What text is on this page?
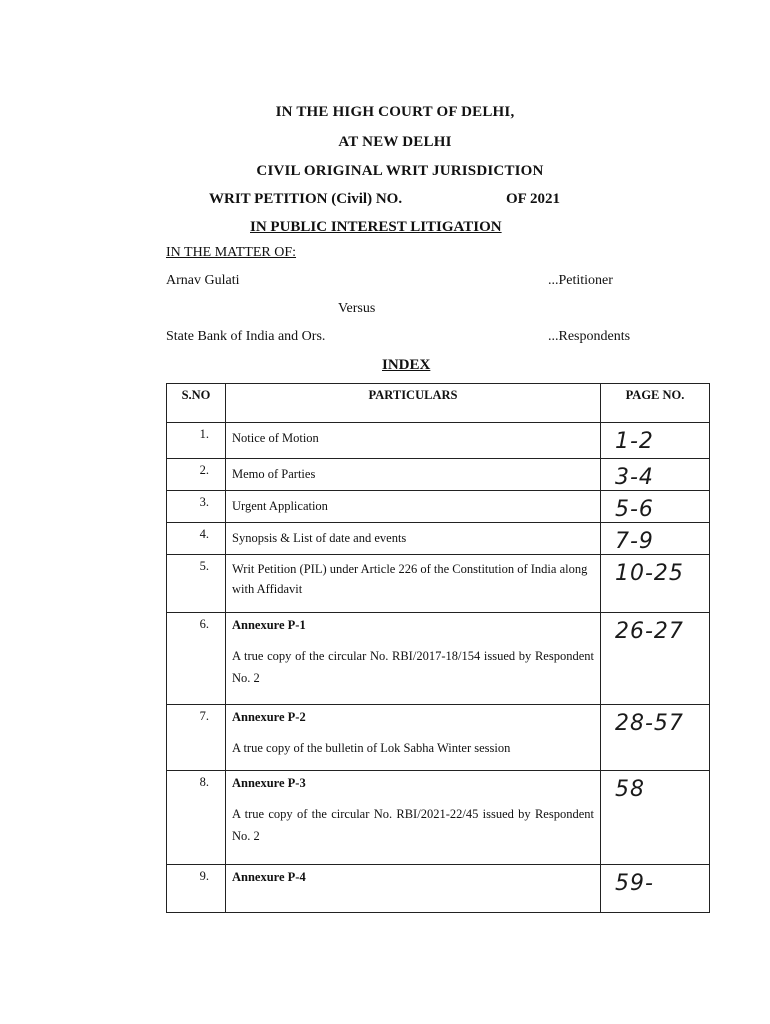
IN THE HIGH COURT OF DELHI,
AT NEW DELHI
CIVIL ORIGINAL WRIT JURISDICTION
WRIT PETITION (Civil) NO.	OF 2021
IN PUBLIC INTEREST LITIGATION
IN THE MATTER OF:
Arnav Gulati	...Petitioner
Versus
State Bank of India and Ors.	...Respondents
INDEX
S.NO	PARTICULARS	PAGE NO.
1.	Notice of Motion	1-2
2.	Memo of Parties	3-4
3.	Urgent Application	5-6
4.	Synopsis & List of date and events	7-9
5.	Writ Petition (PIL) under Article 226 of the Constitution of India along with Affidavit	10-25
6.	Annexure P-1
A true copy of the circular No. RBI/2017-18/154 issued by Respondent No. 2	26-27
7.	Annexure P-2
A true copy of the bulletin of Lok Sabha Winter session	28-57
8.	Annexure P-3
A true copy of the circular No. RBI/2021-22/45 issued by Respondent No. 2	58
9.	Annexure P-4	59-
